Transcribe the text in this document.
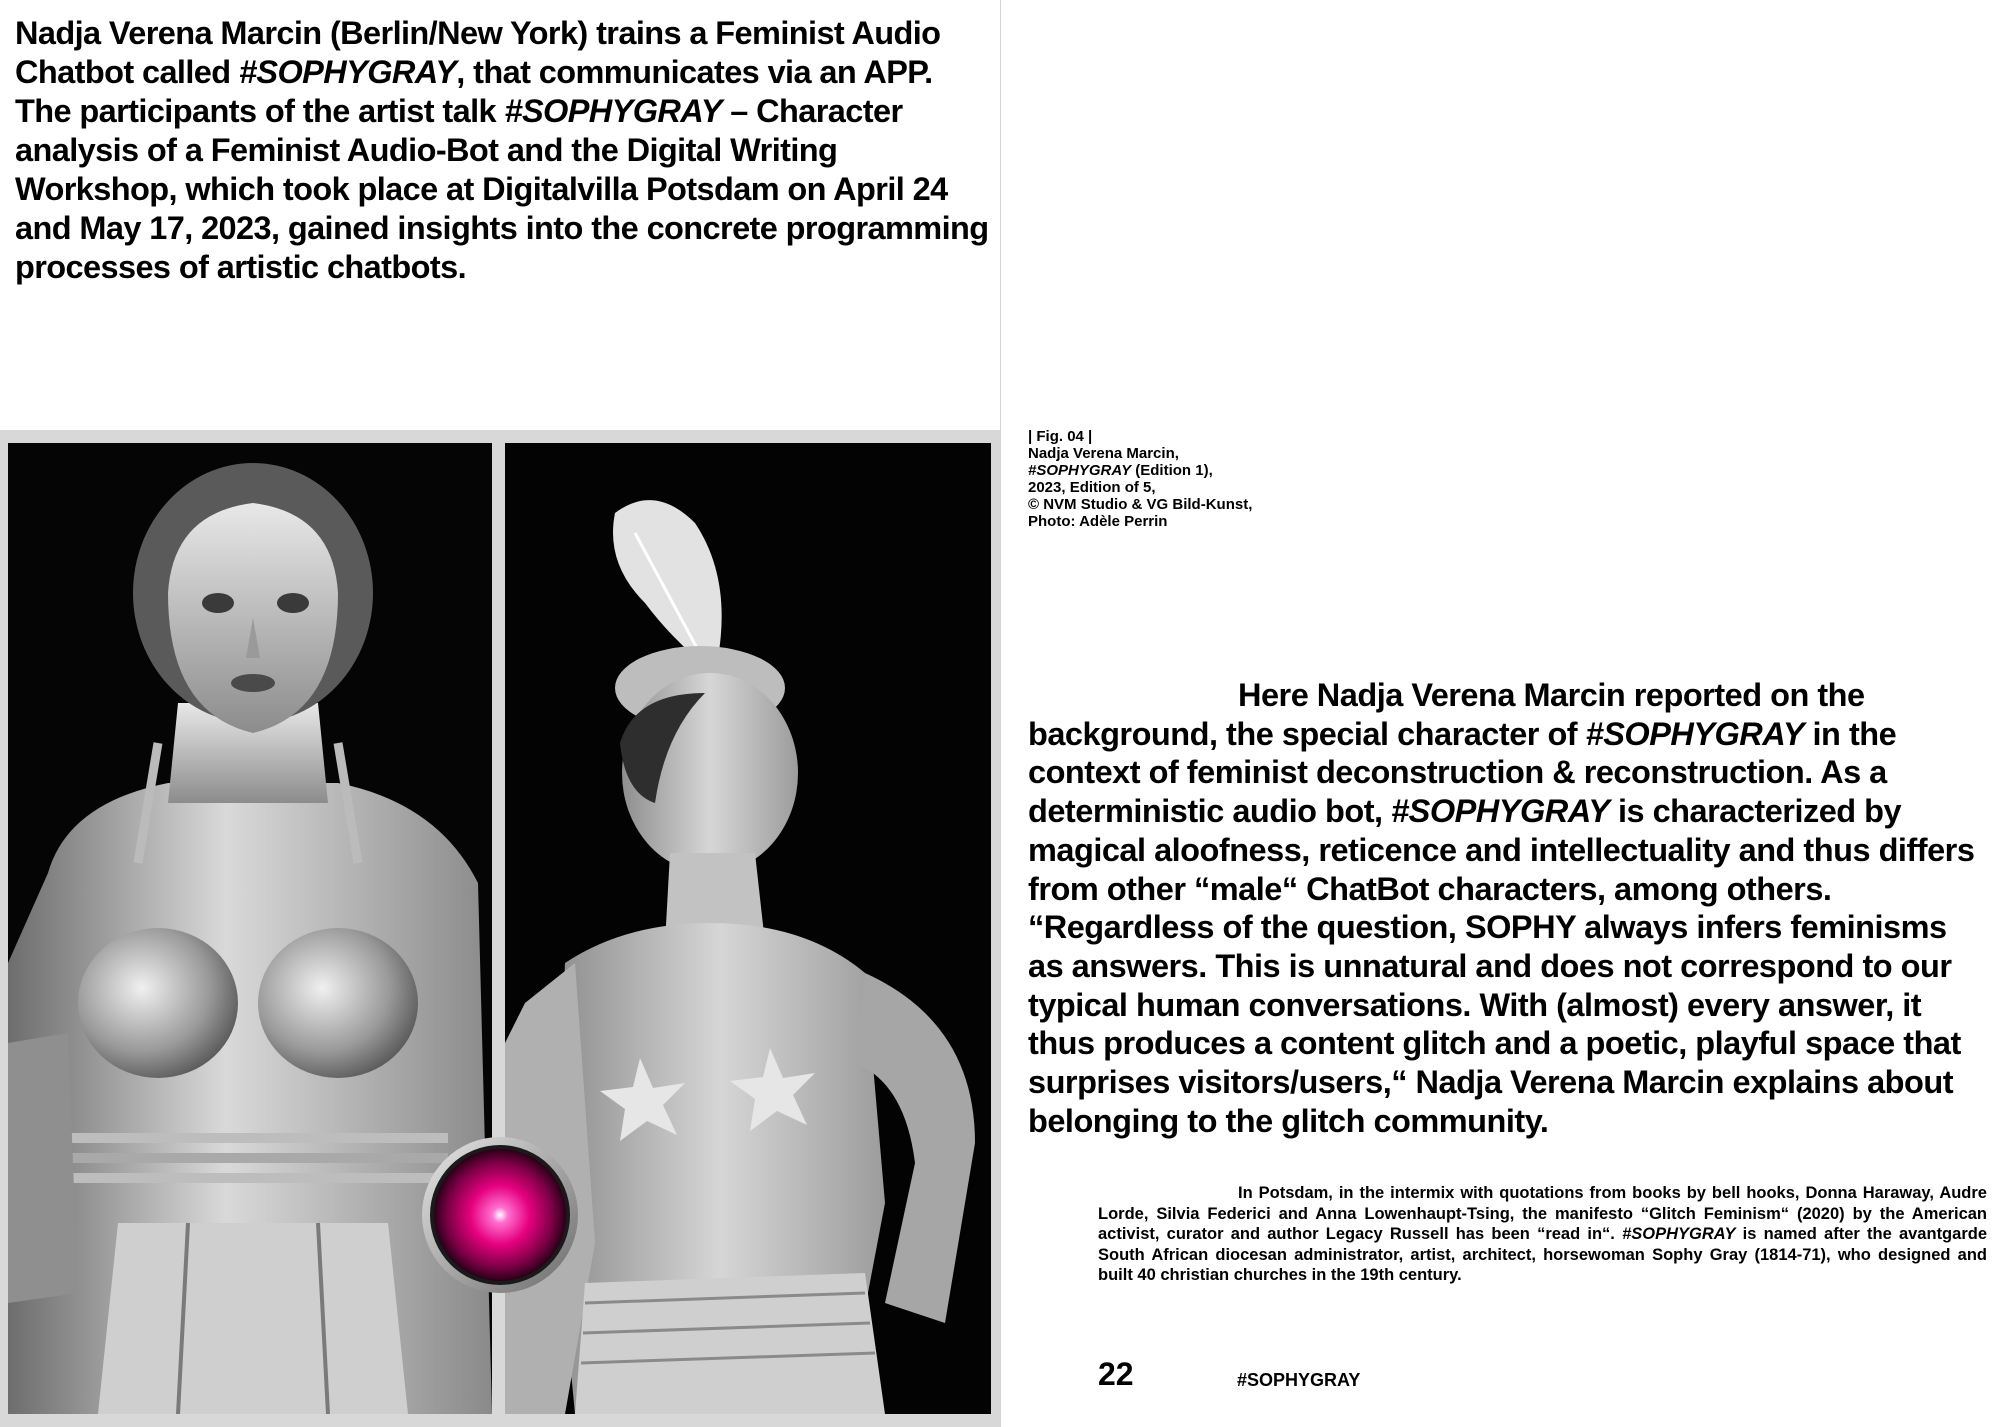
Nadja Verena Marcin (Berlin/New York) trains a Feminist Audio Chatbot called #SOPHYGRAY, that communicates via an APP. The participants of the artist talk #SOPHYGRAY – Character analysis of a Feminist Audio-Bot and the Digital Writing Workshop, which took place at Digitalvilla Potsdam on April 24 and May 17, 2023, gained insights into the concrete programming processes of artistic chatbots.

| Fig. 04 |
Nadja Verena Marcin,
#SOPHYGRAY (Edition 1),
2023, Edition of 5,
© NVM Studio & VG Bild-Kunst,
Photo: Adèle Perrin

Here Nadja Verena Marcin reported on the background, the special character of #SOPHYGRAY in the context of feminist deconstruction & reconstruction. As a deterministic audio bot, #SOPHYGRAY is characterized by magical aloofness, reticence and intellectuality and thus differs from other “male“ ChatBot characters, among others. “Regardless of the question, SOPHY always infers feminisms as answers. This is unnatural and does not correspond to our typical human conversations. With (almost) every answer, it thus produces a content glitch and a poetic, playful space that surprises visitors/users,“ Nadja Verena Marcin explains about belonging to the glitch community.

In Potsdam, in the intermix with quotations from books by bell hooks, Donna Haraway, Audre Lorde, Silvia Federici and Anna Lowenhaupt-Tsing, the manifesto “Glitch Feminism“ (2020) by the American activist, curator and author Legacy Russell has been “read in“. #SOPHYGRAY is named after the avantgarde South African diocesan administrator, artist, architect, horsewoman Sophy Gray (1814-71), who designed and built 40 christian churches in the 19th century.

22	#SOPHYGRAY
